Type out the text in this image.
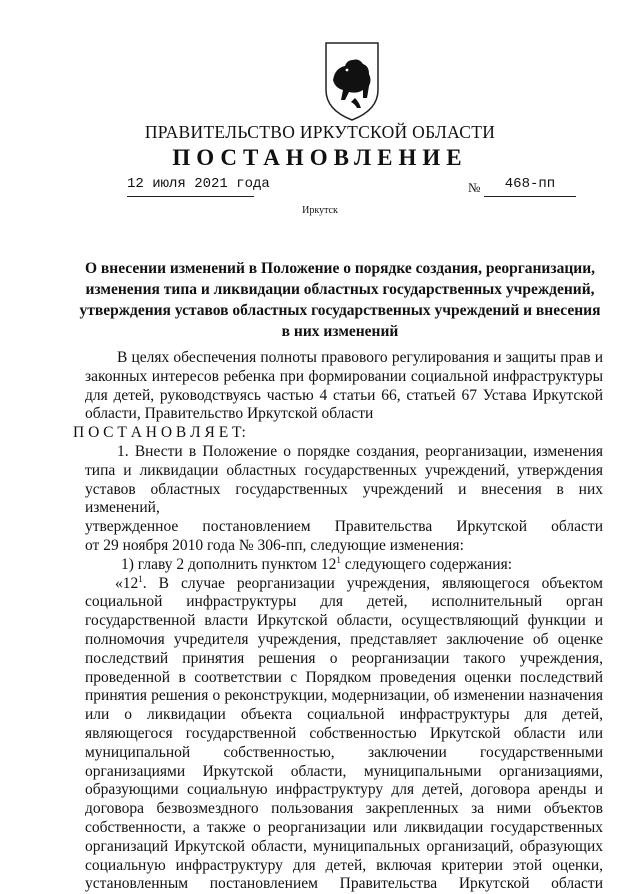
ПРАВИТЕЛЬСТВО ИРКУТСКОЙ ОБЛАСТИ
ПОСТАНОВЛЕНИЕ
12 июля 2021 года	№	468-пп
Иркутск
О внесении изменений в Положение о порядке создания, реорганизации,
изменения типа и ликвидации областных государственных учреждений,
утверждения уставов областных государственных учреждений и внесения
в них изменений
В целях обеспечения полноты правового регулирования и защиты прав и
законных интересов ребенка при формировании социальной инфраструктуры
для детей, руководствуясь частью 4 статьи 66, статьей 67 Устава Иркутской
области, Правительство Иркутской области
П О С Т А Н О В Л Я Е Т:
1. Внести в Положение о порядке создания, реорганизации, изменения
типа и ликвидации областных государственных учреждений, утверждения
уставов областных государственных учреждений и внесения в них изменений,
утвержденное постановлением Правительства Иркутской области
от 29 ноября 2010 года № 306-пп, следующие изменения:
1) главу 2 дополнить пунктом $12^1$ следующего содержания:
«$12^1$. В случае реорганизации учреждения, являющегося объектом
социальной инфраструктуры для детей, исполнительный орган
государственной власти Иркутской области, осуществляющий функции и
полномочия учредителя учреждения, представляет заключение об оценке
последствий принятия решения о реорганизации такого учреждения,
проведенной в соответствии с Порядком проведения оценки последствий
принятия решения о реконструкции, модернизации, об изменении назначения
или о ликвидации объекта социальной инфраструктуры для детей,
являющегося государственной собственностью Иркутской области или
муниципальной собственностью, заключении государственными
организациями Иркутской области, муниципальными организациями,
образующими социальную инфраструктуру для детей, договора аренды и
договора безвозмездного пользования закрепленных за ними объектов
собственности, а также о реорганизации или ликвидации государственных
организаций Иркутской области, муниципальных организаций, образующих
социальную инфраструктуру для детей, включая критерии этой оценки,
установленным постановлением Правительства Иркутской области
